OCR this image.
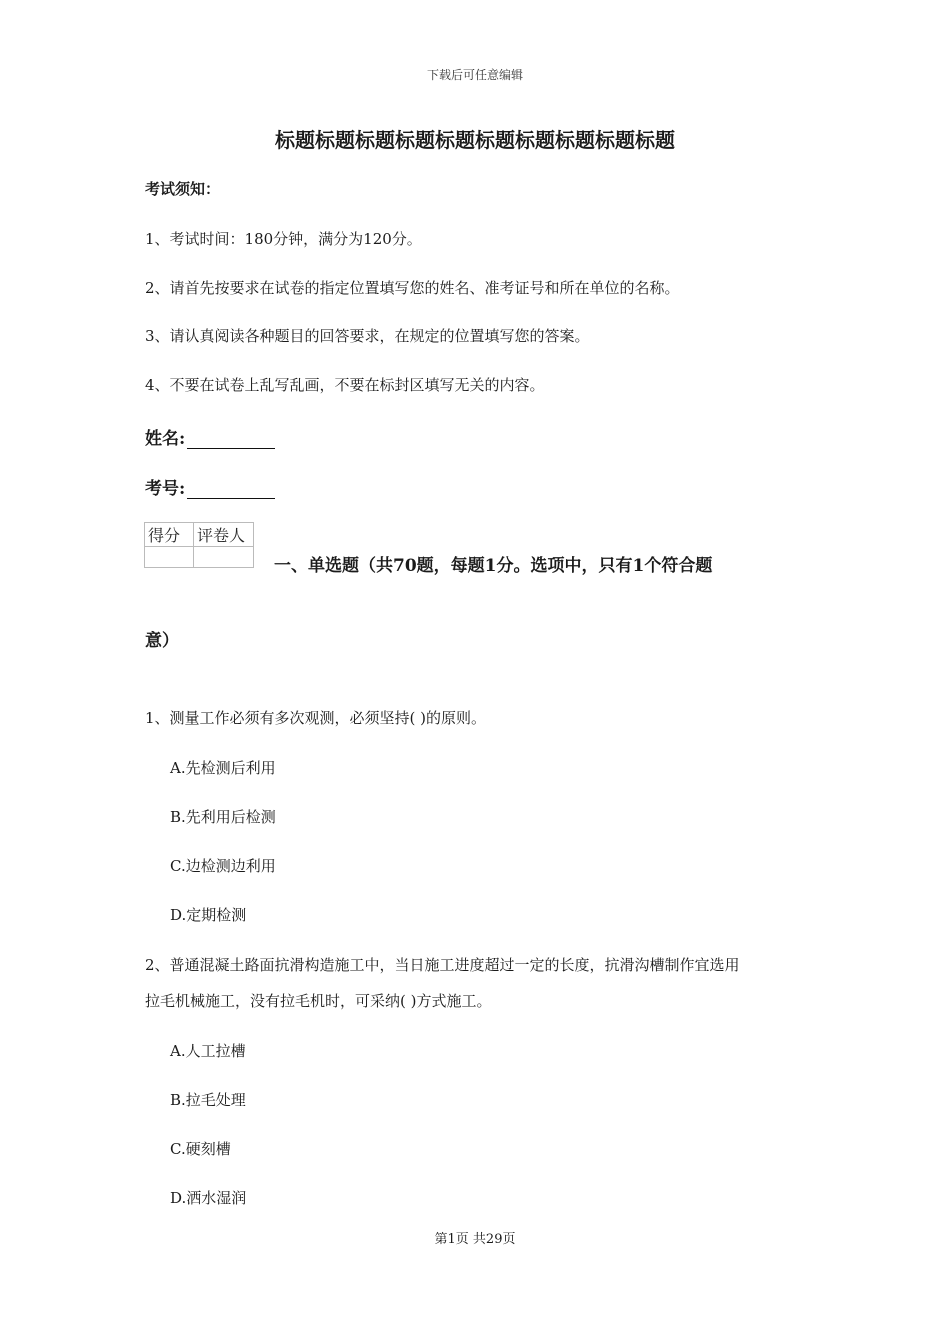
下载后可任意编辑
标题标题标题标题标题标题标题标题标题标题
考试须知：
1、考试时间：180分钟，满分为120分。
2、请首先按要求在试卷的指定位置填写您的姓名、准考证号和所在单位的名称。
3、请认真阅读各种题目的回答要求，在规定的位置填写您的答案。
4、不要在试卷上乱写乱画，不要在标封区填写无关的内容。
姓名:
考号:
得分	评卷人

一、单选题（共70题，每题1分。选项中，只有1个符合题
意）
1、测量工作必须有多次观测，必须坚持( )的原则。
A.先检测后利用
B.先利用后检测
C.边检测边利用
D.定期检测
2、普通混凝土路面抗滑构造施工中，当日施工进度超过一定的长度，抗滑沟槽制作宜选用
拉毛机械施工，没有拉毛机时，可采纳( )方式施工。
A.人工拉槽
B.拉毛处理
C.硬刻槽
D.洒水湿润
第1页 共29页
